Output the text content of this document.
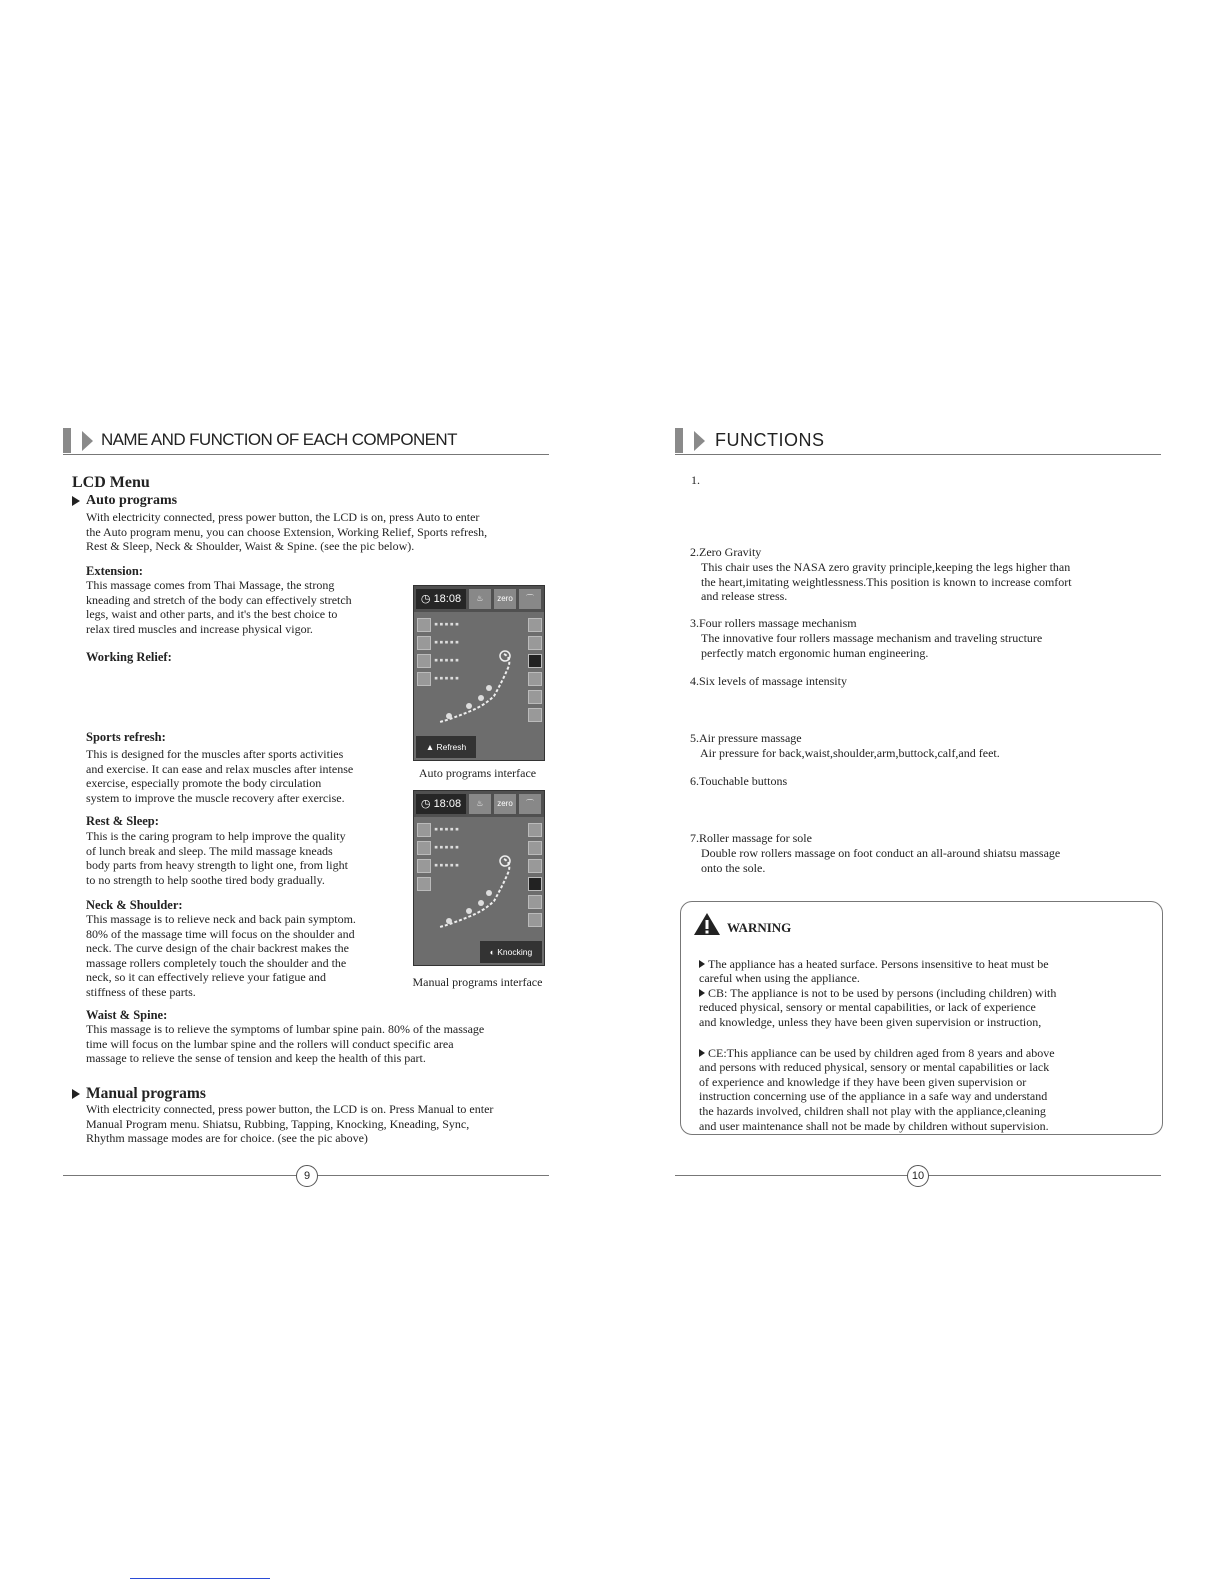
NAME AND FUNCTION OF EACH COMPONENT
LCD Menu
Auto programs
With electricity connected, press power button, the LCD is on, press Auto to enter
the Auto program menu, you can choose Extension, Working Relief, Sports refresh,
Rest & Sleep, Neck & Shoulder, Waist & Spine. (see the pic below).
Extension:
This massage comes from Thai Massage, the strong
kneading and stretch of the body can effectively stretch
legs, waist and other parts, and it's the best choice to
relax tired muscles and increase physical vigor.
Working Relief:
Sports refresh:
This is designed for the muscles after sports activities
and exercise. It can ease and relax muscles after intense
exercise, especially promote the body circulation
system to improve the muscle recovery after exercise.
Rest & Sleep:
This is the caring program to help improve the quality
of lunch break and sleep. The mild massage kneads
body parts from heavy strength to light one, from light
to no strength to help soothe tired body gradually.
Neck & Shoulder:
This massage is to relieve neck and back pain symptom.
80% of the massage time will focus on the shoulder and
neck. The curve design of the chair backrest makes the
massage rollers completely touch the shoulder and the
neck, so it can effectively relieve your fatigue and
stiffness of these parts.
Waist & Spine:
This massage is to relieve the symptoms of lumbar spine pain. 80% of the massage
time will focus on the lumbar spine and the rollers will conduct specific area
massage to relieve the sense of tension and keep the health of this part.
Manual programs
With electricity connected, press power button, the LCD is on. Press Manual to enter
Manual Program menu. Shiatsu, Rubbing, Tapping, Knocking, Kneading, Sync,
Rhythm massage modes are for choice. (see the pic above)
◷ 18:08	♨	zero	⌒
▪▪▪▪▪
▪▪▪▪▪
▪▪▪▪▪
▪▪▪▪▪
▲ Refresh
Auto programs interface
◷ 18:08	♨	zero	⌒
▪▪▪▪▪
▪▪▪▪▪
▪▪▪▪▪
◐ Knocking
Manual programs interface
9
FUNCTIONS
1.
2.Zero Gravity
This chair uses the NASA zero gravity principle,keeping the legs higher than
the heart,imitating weightlessness.This position is known to increase comfort
and release stress.
3.Four rollers massage mechanism
The innovative four rollers massage mechanism and traveling structure
perfectly match ergonomic human engineering.
4.Six levels of massage intensity
5.Air pressure massage
Air pressure for back,waist,shoulder,arm,buttock,calf,and feet.
6.Touchable buttons
7.Roller massage for sole
Double row rollers massage on foot conduct an all-around shiatsu massage
onto the sole.
WARNING

The appliance has a heated surface. Persons insensitive to heat must be
careful when using the appliance.

CB: The appliance is not to be used by persons (including children) with
reduced physical, sensory or mental capabilities, or lack of experience
and knowledge, unless they have been given supervision or instruction,

CE:This appliance can be used by children aged from 8 years and above
and persons with reduced physical, sensory or mental capabilities or lack
of experience and knowledge if they have been given supervision or
instruction concerning use of the appliance in a safe way and understand
the hazards involved, children shall not play with the appliance,cleaning
and user maintenance shall not be made by children without supervision.

10
